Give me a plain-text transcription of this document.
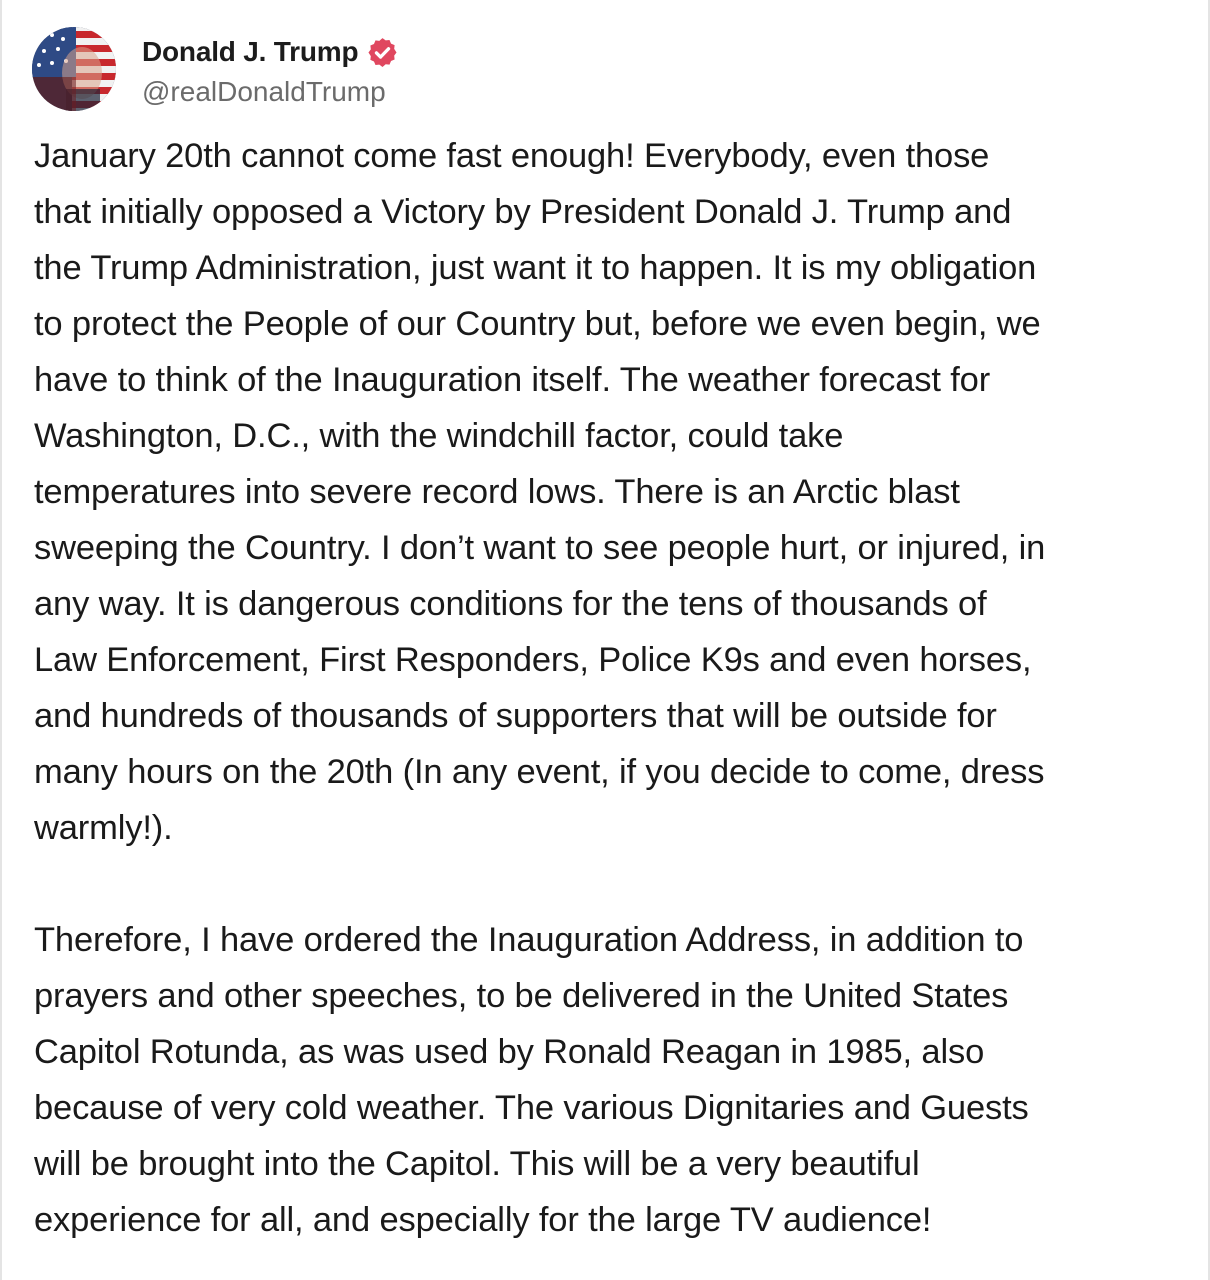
Donald J. Trump
@realDonaldTrump
January 20th cannot come fast enough! Everybody, even those
that initially opposed a Victory by President Donald J. Trump and
the Trump Administration, just want it to happen. It is my obligation
to protect the People of our Country but, before we even begin, we
have to think of the Inauguration itself. The weather forecast for
Washington, D.C., with the windchill factor, could take
temperatures into severe record lows. There is an Arctic blast
sweeping the Country. I don’t want to see people hurt, or injured, in
any way. It is dangerous conditions for the tens of thousands of
Law Enforcement, First Responders, Police K9s and even horses,
and hundreds of thousands of supporters that will be outside for
many hours on the 20th (In any event, if you decide to come, dress
warmly!).
Therefore, I have ordered the Inauguration Address, in addition to
prayers and other speeches, to be delivered in the United States
Capitol Rotunda, as was used by Ronald Reagan in 1985, also
because of very cold weather. The various Dignitaries and Guests
will be brought into the Capitol. This will be a very beautiful
experience for all, and especially for the large TV audience!
